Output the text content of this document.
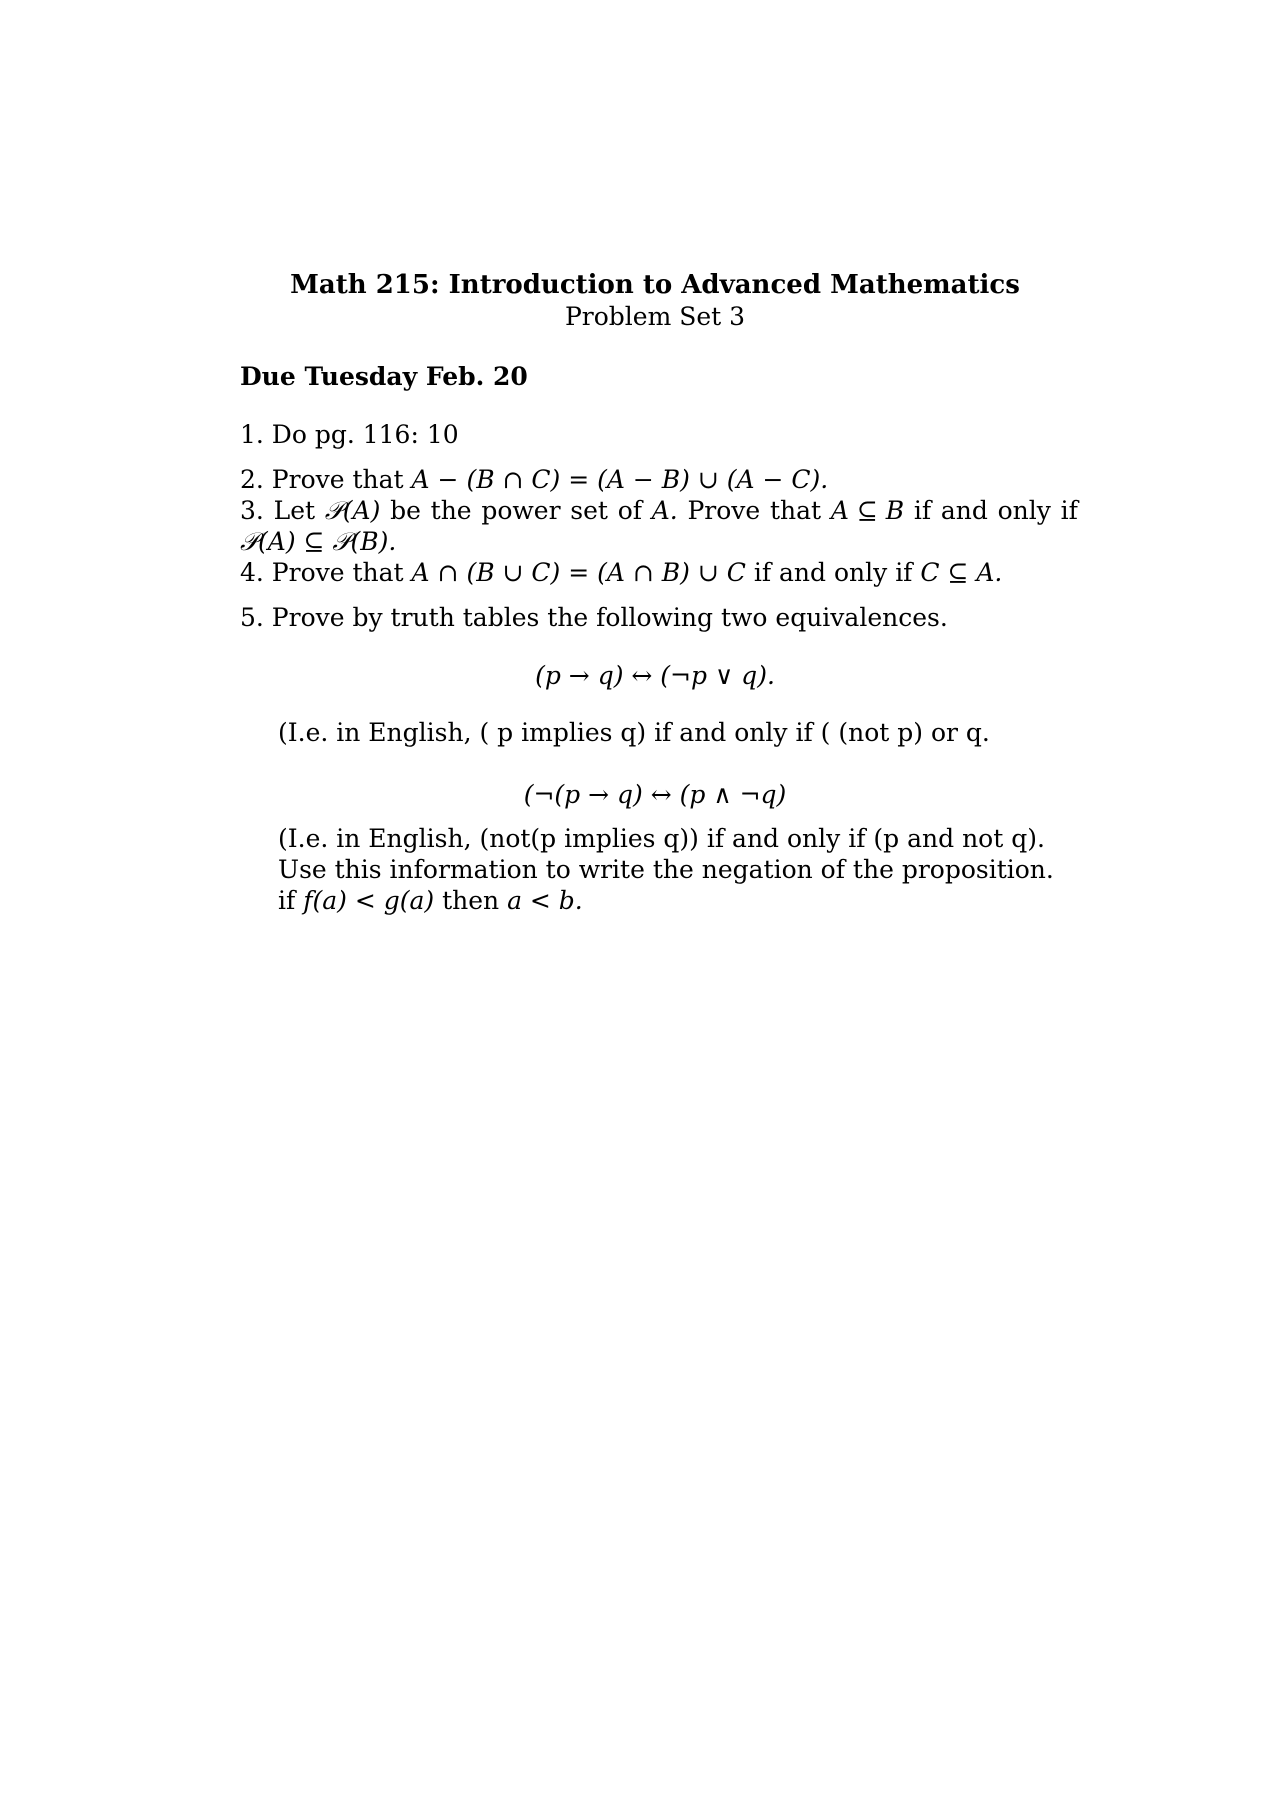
Math 215: Introduction to Advanced Mathematics
Problem Set 3
Due Tuesday Feb. 20
1. Do pg. 116: 10
2. Prove that A − (B ∩ C) = (A − B) ∪ (A − C).
3. Let 𝒫(A) be the power set of A. Prove that A ⊆ B if and only if
𝒫(A) ⊆ 𝒫(B).
4. Prove that A ∩ (B ∪ C) = (A ∩ B) ∪ C if and only if C ⊆ A.
5. Prove by truth tables the following two equivalences.
(p → q) ↔ (¬p ∨ q).
(I.e. in English, ( p implies q) if and only if ( (not p) or q.
(¬(p → q) ↔ (p ∧ ¬q)
(I.e. in English, (not(p implies q)) if and only if (p and not q).
Use this information to write the negation of the proposition.
if f(a) < g(a) then a < b.
